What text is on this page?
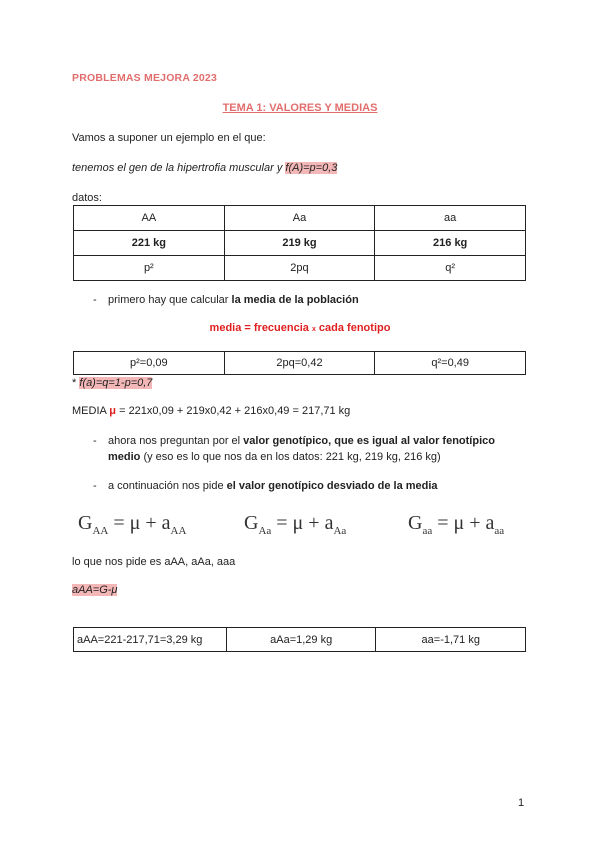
PROBLEMAS MEJORA 2023
TEMA 1: VALORES Y MEDIAS
Vamos a suponer un ejemplo en el que:
tenemos el gen de la hipertrofia muscular y f(A)=p=0,3
datos:
AA	Aa	aa
221 kg	219 kg	216 kg
p²	2pq	q²
- primero hay que calcular la media de la población
media = frecuencia x cada fenotipo
p²=0,09	2pq=0,42	q²=0,49
* f(a)=q=1-p=0,7
MEDIA μ = 221x0,09 + 219x0,42 + 216x0,49 = 217,71 kg
- ahora nos preguntan por el valor genotípico, que es igual al valor fenotípico
medio (y eso es lo que nos da en los datos: 221 kg, 219 kg, 216 kg)
- a continuación nos pide el valor genotípico desviado de la media
$G_{AA} = \mu + a_{AA}$	$G_{Aa} = \mu + a_{Aa}$	$G_{aa} = \mu + a_{aa}$
lo que nos pide es aAA, aAa, aaa
aAA=G-μ
aAA=221-217,71=3,29 kg	aAa=1,29 kg	aa=-1,71 kg
1
